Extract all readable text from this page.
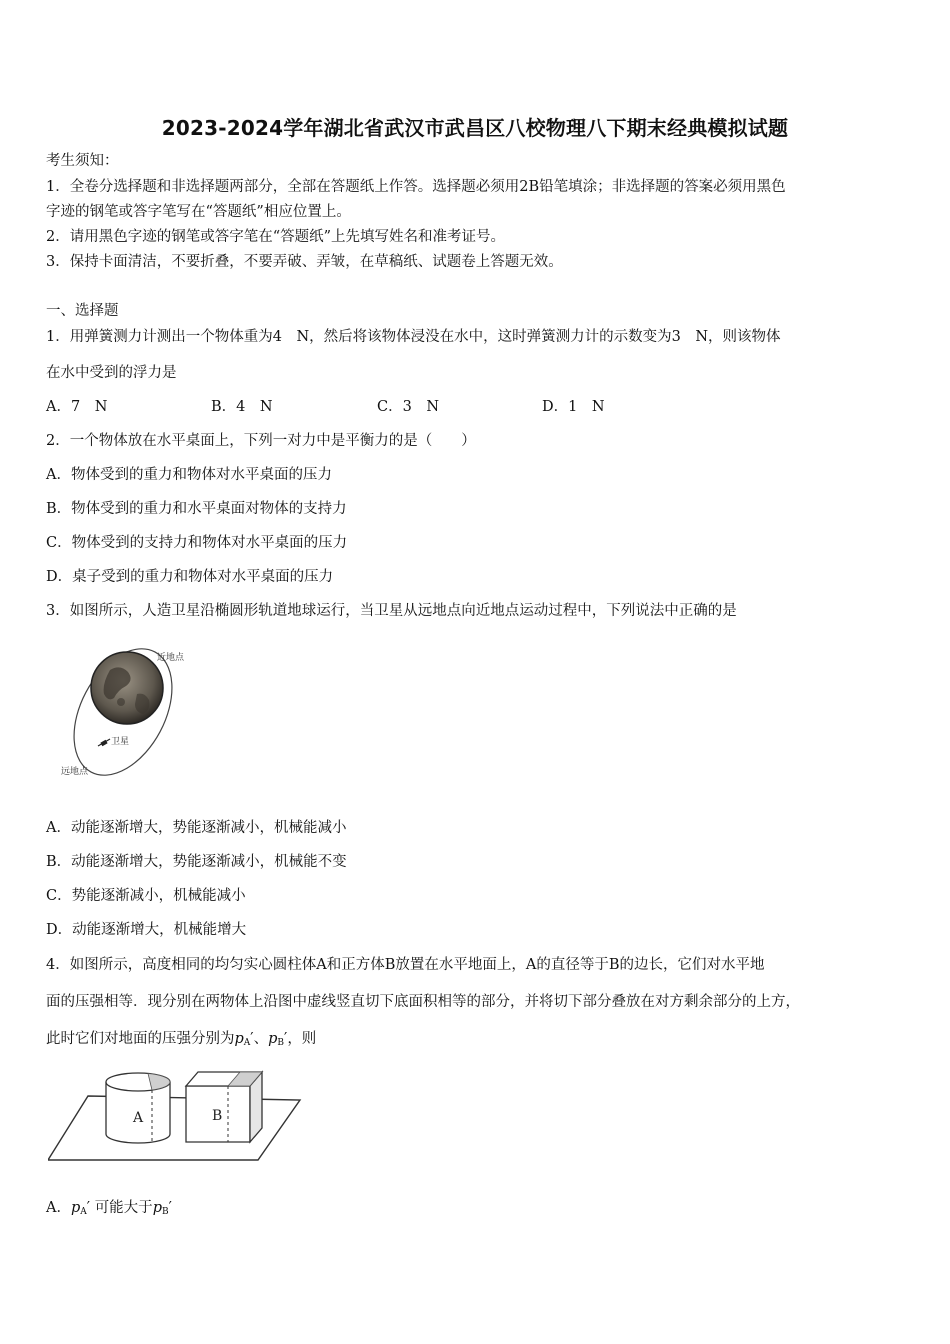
2023-2024学年湖北省武汉市武昌区八校物理八下期末经典模拟试题
考生须知：
1．全卷分选择题和非选择题两部分，全部在答题纸上作答。选择题必须用2B铅笔填涂；非选择题的答案必须用黑色
字迹的钢笔或答字笔写在“答题纸”相应位置上。
2．请用黑色字迹的钢笔或答字笔在“答题纸”上先填写姓名和准考证号。
3．保持卡面清洁，不要折叠，不要弄破、弄皱，在草稿纸、试题卷上答题无效。
一、选择题
1．用弹簧测力计测出一个物体重为4　N，然后将该物体浸没在水中，这时弹簧测力计的示数变为3　N，则该物体
在水中受到的浮力是
A．7　N	B．4　N	C．3　N	D．1　N
2．一个物体放在水平桌面上，下列一对力中是平衡力的是（　　）
A．物体受到的重力和物体对水平桌面的压力
B．物体受到的重力和水平桌面对物体的支持力
C．物体受到的支持力和物体对水平桌面的压力
D．桌子受到的重力和物体对水平桌面的压力
3．如图所示，人造卫星沿椭圆形轨道地球运行，当卫星从远地点向近地点运动过程中，下列说法中正确的是
近地点
卫星
远地点
A．动能逐渐增大，势能逐渐减小，机械能减小
B．动能逐渐增大，势能逐渐减小，机械能不变
C．势能逐渐减小，机械能减小
D．动能逐渐增大，机械能增大
4．如图所示，高度相同的均匀实心圆柱体A和正方体B放置在水平地面上，A的直径等于B的边长，它们对水平地
面的压强相等．现分别在两物体上沿图中虚线竖直切下底面积相等的部分，并将切下部分叠放在对方剩余部分的上方，
此时它们对地面的压强分别为$p_A'$、$p_B'$，则
A	B
A．$p_A'$ 可能大于$p_B'$
